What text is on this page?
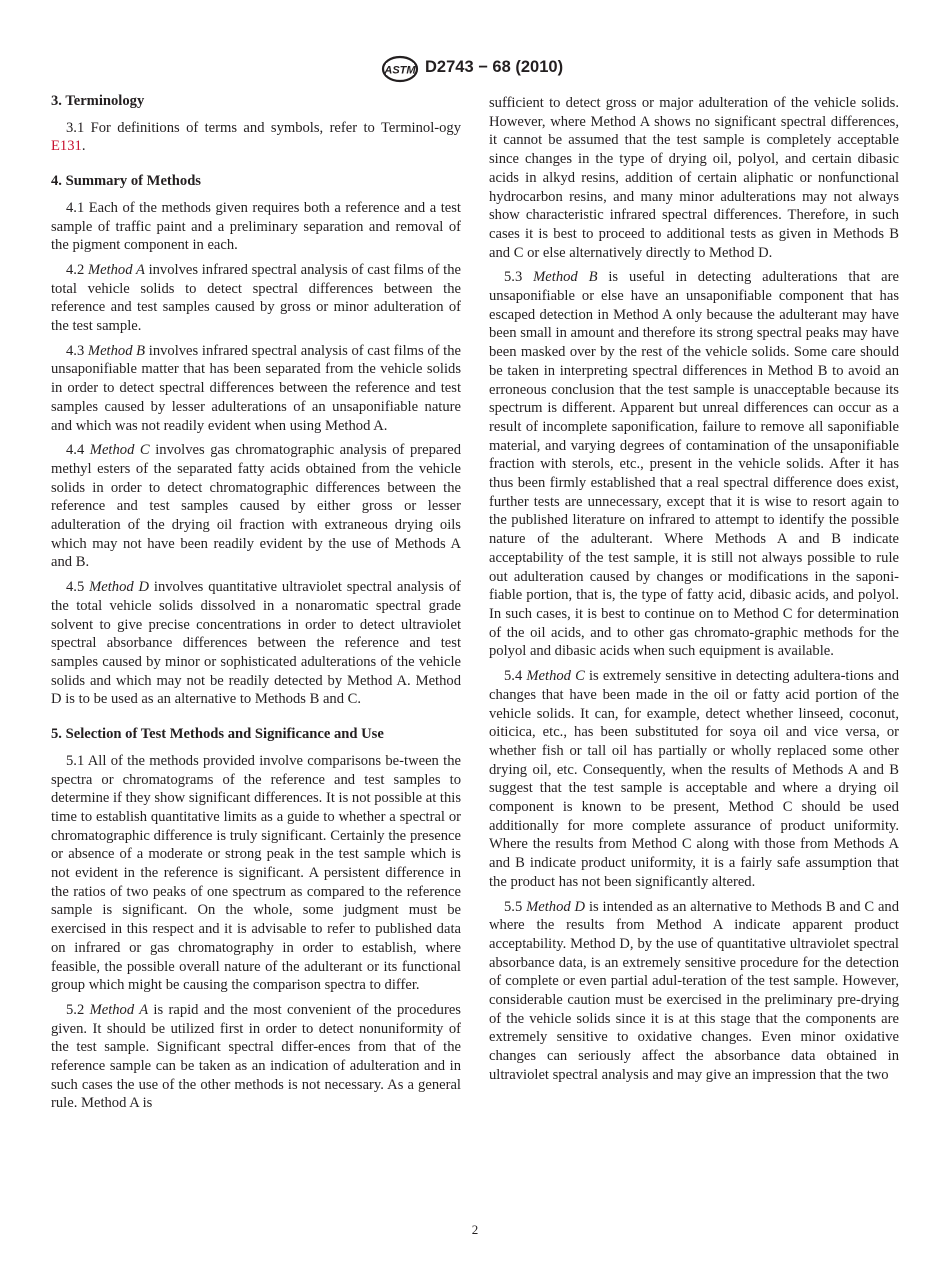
ASTM D2743 − 68 (2010)
3. Terminology

3.1 For definitions of terms and symbols, refer to Terminol-ogy E131.

4. Summary of Methods

4.1 Each of the methods given requires both a reference and a test sample of traffic paint and a preliminary separation and removal of the pigment component in each.

4.2 Method A involves infrared spectral analysis of cast films of the total vehicle solids to detect spectral differences between the reference and test samples caused by gross or minor adulteration of the test sample.

4.3 Method B involves infrared spectral analysis of cast films of the unsaponifiable matter that has been separated from the vehicle solids in order to detect spectral differences between the reference and test samples caused by lesser adulterations of an unsaponifiable nature and which was not readily evident when using Method A.

4.4 Method C involves gas chromatographic analysis of prepared methyl esters of the separated fatty acids obtained from the vehicle solids in order to detect chromatographic differences between the reference and test samples caused by either gross or lesser adulteration of the drying oil fraction with extraneous drying oils which may not have been readily evident by the use of Methods A and B.

4.5 Method D involves quantitative ultraviolet spectral analysis of the total vehicle solids dissolved in a nonaromatic spectral grade solvent to give precise concentrations in order to detect ultraviolet spectral absorbance differences between the reference and test samples caused by minor or sophisticated adulterations of the vehicle solids and which may not be readily detected by Method A. Method D is to be used as an alternative to Methods B and C.

5. Selection of Test Methods and Significance and Use

5.1 All of the methods provided involve comparisons be-tween the spectra or chromatograms of the reference and test samples to determine if they show significant differences. It is not possible at this time to establish quantitative limits as a guide to whether a spectral or chromatographic difference is truly significant. Certainly the presence or absence of a moderate or strong peak in the test sample which is not evident in the reference is significant. A persistent difference in the ratios of two peaks of one spectrum as compared to the reference sample is significant. On the whole, some judgment must be exercised in this respect and it is advisable to refer to published data on infrared or gas chromatography in order to establish, where feasible, the possible overall nature of the adulterant or its functional group which might be causing the comparison spectra to differ.

5.2 Method A is rapid and the most convenient of the procedures given. It should be utilized first in order to detect nonuniformity of the test sample. Significant spectral differ-ences from that of the reference sample can be taken as an indication of adulteration and in such cases the use of the other methods is not necessary. As a general rule. Method A is

sufficient to detect gross or major adulteration of the vehicle solids. However, where Method A shows no significant spectral differences, it cannot be assumed that the test sample is completely acceptable since changes in the type of drying oil, polyol, and certain dibasic acids in alkyd resins, addition of certain aliphatic or nonfunctional hydrocarbon resins, and many minor adulterations may not always show characteristic infrared spectral differences. Therefore, in such cases it is best to proceed to additional tests as given in Methods B and C or else alternatively directly to Method D.

5.3 Method B is useful in detecting adulterations that are unsaponifiable or else have an unsaponifiable component that has escaped detection in Method A only because the adulterant may have been small in amount and therefore its strong spectral peaks may have been masked over by the rest of the vehicle solids. Some care should be taken in interpreting spectral differences in Method B to avoid an erroneous conclusion that the test sample is unacceptable because its spectrum is different. Apparent but unreal differences can occur as a result of incomplete saponification, failure to remove all saponifiable material, and varying degrees of contamination of the unsaponifiable fraction with sterols, etc., present in the vehicle solids. After it has thus been firmly established that a real spectral difference does exist, further tests are unnecessary, except that it is wise to resort again to the published literature on infrared to attempt to identify the possible nature of the adulterant. Where Methods A and B indicate acceptability of the test sample, it is still not always possible to rule out adulteration caused by changes or modifications in the saponi-fiable portion, that is, the type of fatty acid, dibasic acids, and polyol. In such cases, it is best to continue on to Method C for determination of the oil acids, and to other gas chromato-graphic methods for the polyol and dibasic acids when such equipment is available.

5.4 Method C is extremely sensitive in detecting adultera-tions and changes that have been made in the oil or fatty acid portion of the vehicle solids. It can, for example, detect whether linseed, coconut, oiticica, etc., has been substituted for soya oil and vice versa, or whether fish or tall oil has partially or wholly replaced some other drying oil, etc. Consequently, when the results of Methods A and B suggest that the test sample is acceptable and where a drying oil component is known to be present, Method C should be used additionally for more complete assurance of product uniformity. Where the results from Method C along with those from Methods A and B indicate product uniformity, it is a fairly safe assumption that the product has not been significantly altered.

5.5 Method D is intended as an alternative to Methods B and C and where the results from Method A indicate apparent product acceptability. Method D, by the use of quantitative ultraviolet spectral absorbance data, is an extremely sensitive procedure for the detection of complete or even partial adul-teration of the test sample. However, considerable caution must be exercised in the preliminary pre-drying of the vehicle solids since it is at this stage that the components are extremely sensitive to oxidative changes. Even minor oxidative changes can seriously affect the absorbance data obtained in ultraviolet spectral analysis and may give an impression that the two

2
